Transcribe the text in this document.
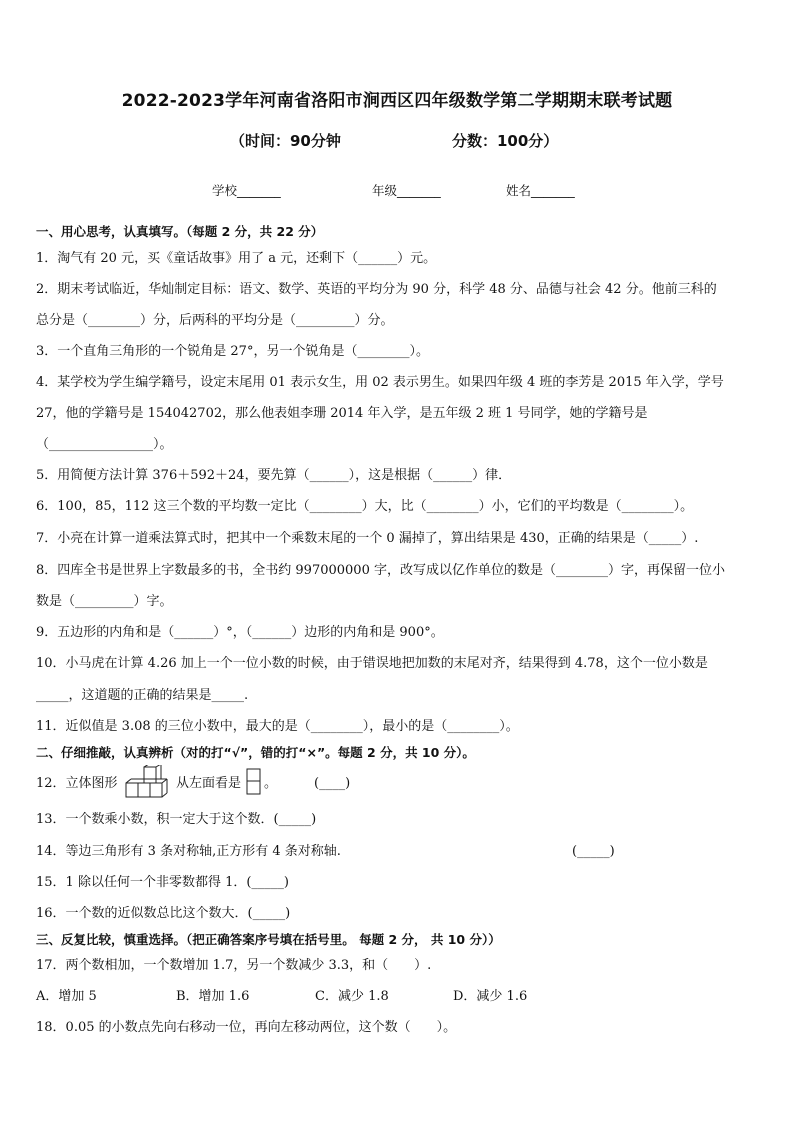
2022-2023学年河南省洛阳市涧西区四年级数学第二学期期末联考试题
（时间：90分钟	分数：100分）
学校_______	年级_______	姓名_______
一、用心思考，认真填写。（每题 2 分，共 22 分）
1．淘气有 20 元，买《童话故事》用了 a 元，还剩下（______）元。
2．期末考试临近，华灿制定目标：语文、数学、英语的平均分为 90 分，科学 48 分、品德与社会 42 分。他前三科的
总分是（________）分，后两科的平均分是（_________）分。
3．一个直角三角形的一个锐角是 27°，另一个锐角是（________）。
4．某学校为学生编学籍号，设定末尾用 01 表示女生，用 02 表示男生。如果四年级 4 班的李芳是 2015 年入学，学号
27，他的学籍号是 154042702，那么他表姐李珊 2014 年入学，是五年级 2 班 1 号同学，她的学籍号是
（________________）。
5．用简便方法计算 376＋592＋24，要先算（______），这是根据（______）律．
6．100，85，112 这三个数的平均数一定比（________）大，比（________）小，它们的平均数是（________）。
7．小亮在计算一道乘法算式时，把其中一个乘数末尾的一个 0 漏掉了，算出结果是 430，正确的结果是（_____）.
8．四库全书是世界上字数最多的书，全书约 997000000 字，改写成以亿作单位的数是（________）字，再保留一位小
数是（_________）字。
9．五边形的内角和是（______）°，（______）边形的内角和是 900°。
10．小马虎在计算 4.26 加上一个一位小数的时候，由于错误地把加数的末尾对齐，结果得到 4.78，这个一位小数是
_____，这道题的正确的结果是_____.
11．近似值是 3.08 的三位小数中，最大的是（________），最小的是（________）。
二、仔细推敲，认真辨析（对的打“√”，错的打“×”。每题 2 分，共 10 分）。
12．立体图形	从左面看是 。	(____)
13．一个数乘小数，积一定大于这个数．(_____)
14．等边三角形有 3 条对称轴,正方形有 4 条对称轴.	(_____)
15．1 除以任何一个非零数都得 1．(_____)
16．一个数的近似数总比这个数大．(_____)
三、反复比较，慎重选择。（把正确答案序号填在括号里。 每题 2 分， 共 10 分））
17．两个数相加，一个数增加 1.7，另一个数减少 3.3，和（　　）.
A．增加 5	B．增加 1.6	C．减少 1.8	D．减少 1.6
18．0.05 的小数点先向右移动一位，再向左移动两位，这个数（　　）。
